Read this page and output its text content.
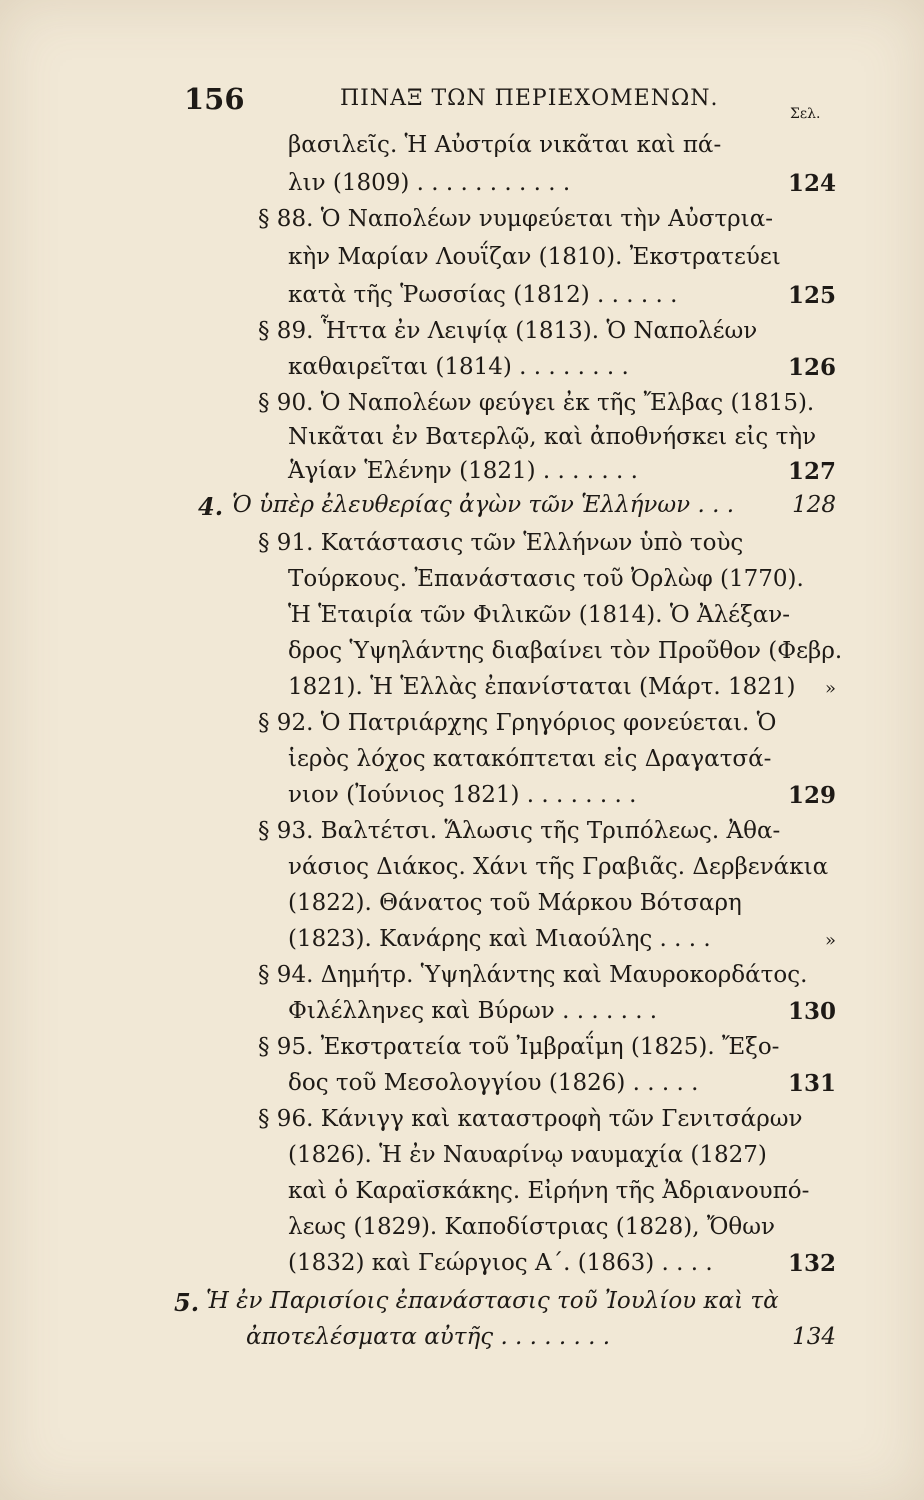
156	ΠΙΝΑΞ ΤΩΝ ΠΕΡΙΕΧΟΜΕΝΩΝ.
Σελ.
βασιλεῖς. Ἡ Αὐστρία νικᾶται καὶ πά-
λιν (1809) . . . . . . . . . . .	124
§ 88. Ὁ Ναπολέων νυμφεύεται τὴν Αὐστρια-
κὴν Μαρίαν Λουΐζαν (1810). Ἐκστρατεύει
κατὰ τῆς Ῥωσσίας (1812) . . . . . .	125
§ 89. Ἧττα ἐν Λειψίᾳ (1813). Ὁ Ναπολέων
καθαιρεῖται (1814) . . . . . . . .	126
§ 90. Ὁ Ναπολέων φεύγει ἐκ τῆς Ἔλβας (1815).
Νικᾶται ἐν Βατερλῷ, καὶ ἀποθνήσκει εἰς τὴν
Ἁγίαν Ἑλένην (1821) . . . . . . .	127
4. Ὁ ὑπὲρ ἐλευθερίας ἀγὼν τῶν Ἑλλήνων . . .	128
§ 91. Κατάστασις τῶν Ἑλλήνων ὑπὸ τοὺς
Τούρκους. Ἐπανάστασις τοῦ Ὀρλὼφ (1770).
Ἡ Ἑταιρία τῶν Φιλικῶν (1814). Ὁ Ἀλέξαν-
δρος Ὑψηλάντης διαβαίνει τὸν Προῦθον (Φεβρ.
1821). Ἡ Ἑλλὰς ἐπανίσταται (Μάρτ. 1821)	»
§ 92. Ὁ Πατριάρχης Γρηγόριος φονεύεται. Ὁ
ἱερὸς λόχος κατακόπτεται εἰς Δραγατσά-
νιον (Ἰούνιος 1821) . . . . . . . .	129
§ 93. Βαλτέτσι. Ἅλωσις τῆς Τριπόλεως. Ἀθα-
νάσιος Διάκος. Χάνι τῆς Γραβιᾶς. Δερβενάκια
(1822). Θάνατος τοῦ Μάρκου Βότσαρη
(1823). Κανάρης καὶ Μιαούλης . . . .	»
§ 94. Δημήτρ. Ὑψηλάντης καὶ Μαυροκορδάτος.
Φιλέλληνες καὶ Βύρων . . . . . . .	130
§ 95. Ἐκστρατεία τοῦ Ἰμβραΐμη (1825). Ἔξο-
δος τοῦ Μεσολογγίου (1826) . . . . .	131
§ 96. Κάνιγγ καὶ καταστροφὴ τῶν Γενιτσάρων
(1826). Ἡ ἐν Ναυαρίνῳ ναυμαχία (1827)
καὶ ὁ Καραϊσκάκης. Εἰρήνη τῆς Ἀδριανουπό-
λεως (1829). Καποδίστριας (1828), Ὄθων
(1832) καὶ Γεώργιος Α΄. (1863) . . . .	132
5. Ἡ ἐν Παρισίοις ἐπανάστασις τοῦ Ἰουλίου καὶ τὰ
ἀποτελέσματα αὐτῆς . . . . . . . .	134
